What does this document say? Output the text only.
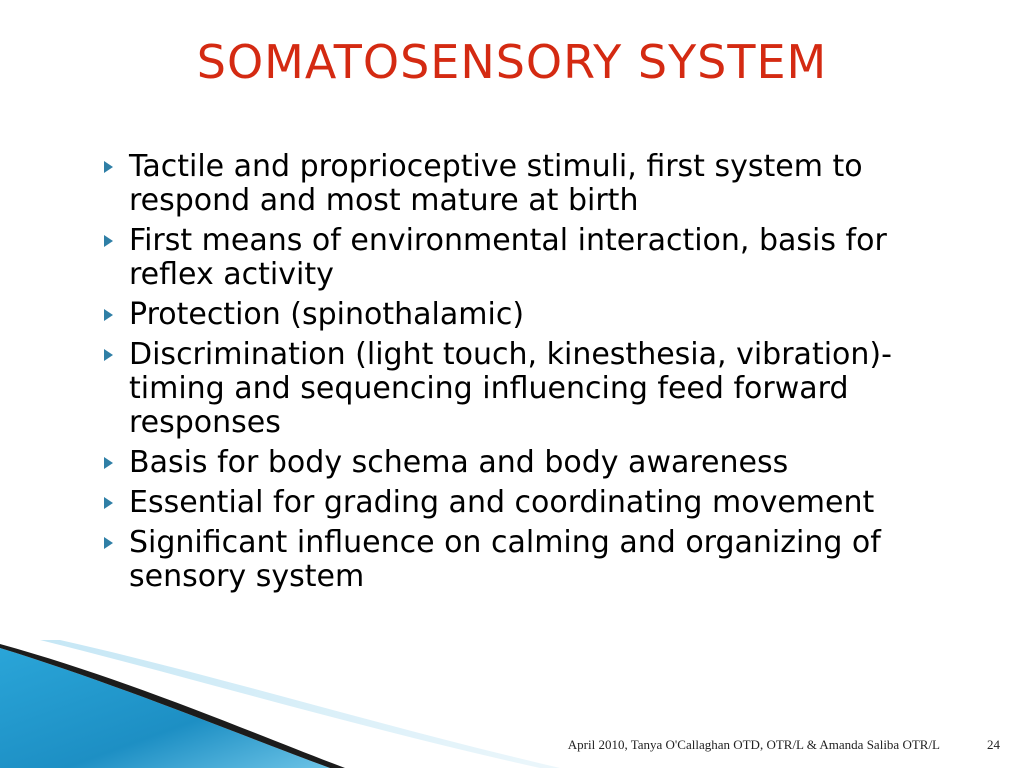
SOMATOSENSORY SYSTEM
Tactile and proprioceptive stimuli, first system to respond and most mature at birth
First means of environmental interaction, basis for reflex activity
Protection (spinothalamic)
Discrimination (light touch, kinesthesia, vibration)- timing and sequencing influencing feed forward responses
Basis for body schema and body awareness
Essential for grading and coordinating movement
Significant influence on calming and organizing of sensory system
April 2010, Tanya O'Callaghan OTD, OTR/L & Amanda Saliba OTR/L	24
